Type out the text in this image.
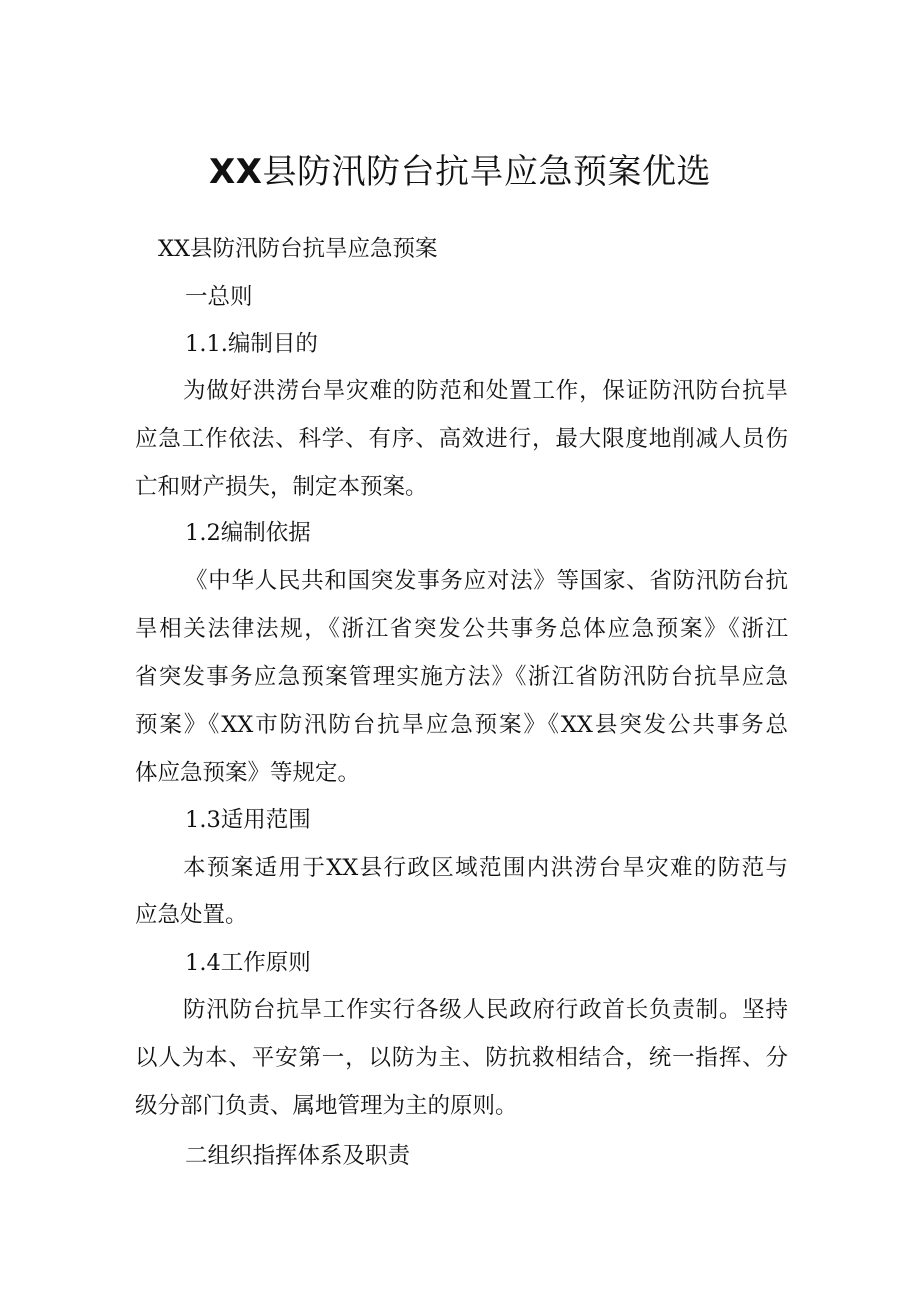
XX县防汛防台抗旱应急预案优选

XX县防汛防台抗旱应急预案

一总则

1.1.编制目的

为做好洪涝台旱灾难的防范和处置工作，保证防汛防台抗旱

应急工作依法、科学、有序、高效进行，最大限度地削减人员伤

亡和财产损失，制定本预案。

1.2编制依据

《中华人民共和国突发事务应对法》等国家、省防汛防台抗

旱相关法律法规，《浙江省突发公共事务总体应急预案》《浙江

省突发事务应急预案管理实施方法》《浙江省防汛防台抗旱应急

预案》《XX市防汛防台抗旱应急预案》《XX县突发公共事务总

体应急预案》等规定。

1.3适用范围

本预案适用于XX县行政区域范围内洪涝台旱灾难的防范与

应急处置。

1.4工作原则

防汛防台抗旱工作实行各级人民政府行政首长负责制。坚持

以人为本、平安第一，以防为主、防抗救相结合，统一指挥、分

级分部门负责、属地管理为主的原则。

二组织指挥体系及职责
